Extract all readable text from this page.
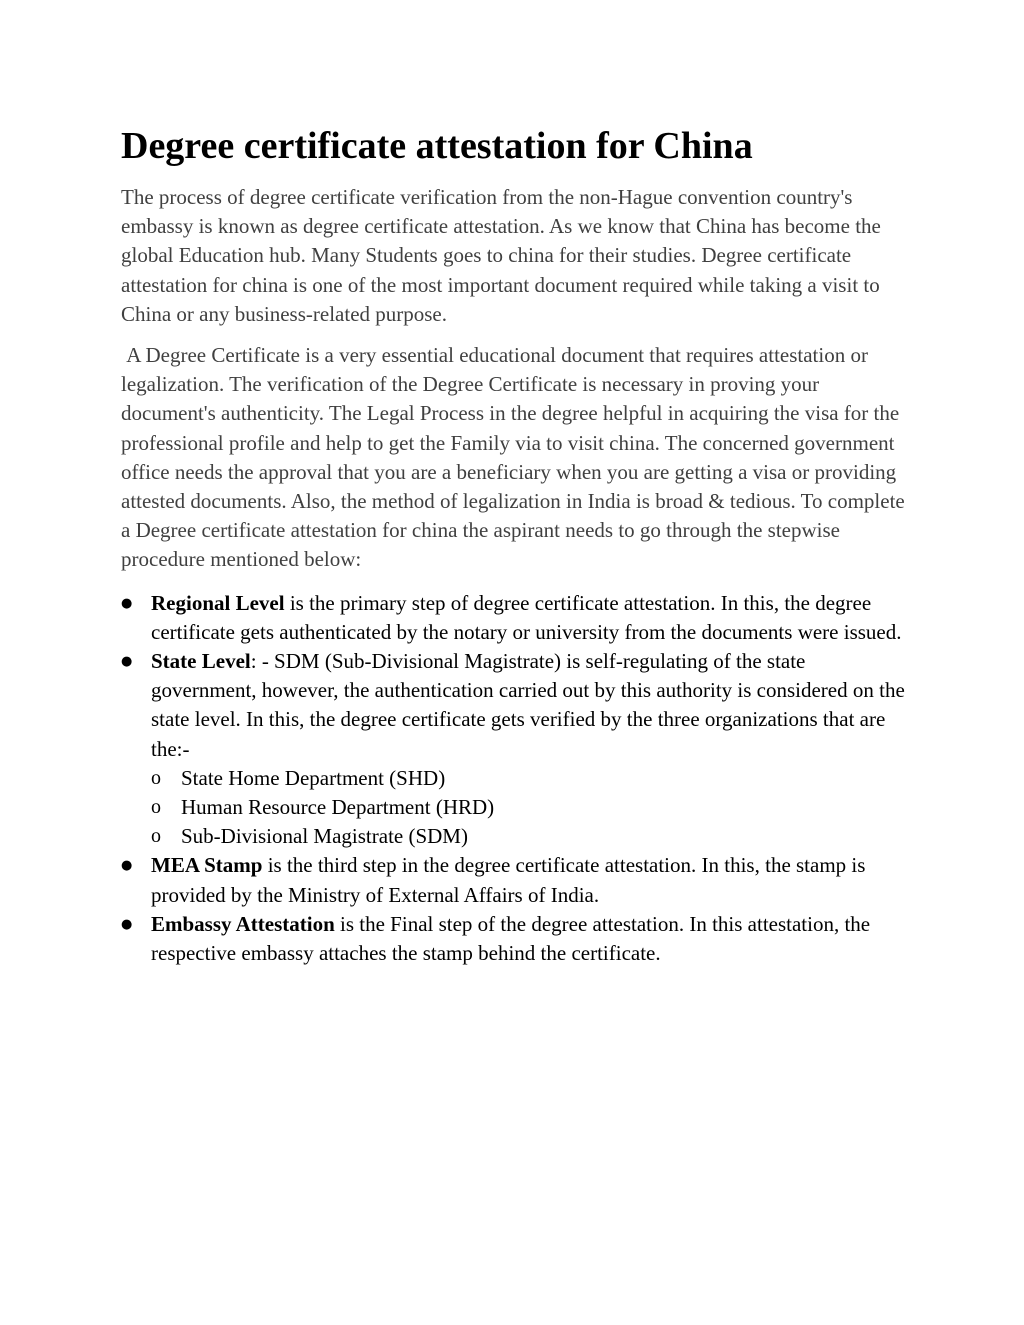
Degree certificate attestation for China

The process of degree certificate verification from the non-Hague convention country's embassy is known as degree certificate attestation. As we know that China has become the global Education hub. Many Students goes to china for their studies. Degree certificate attestation for china is one of the most important document required while taking a visit to China or any business-related purpose.

A Degree Certificate is a very essential educational document that requires attestation or legalization. The verification of the Degree Certificate is necessary in proving your document's authenticity. The Legal Process in the degree helpful in acquiring the visa for the professional profile and help to get the Family via to visit china. The concerned government office needs the approval that you are a beneficiary when you are getting a visa or providing attested documents. Also, the method of legalization in India is broad & tedious. To complete a Degree certificate attestation for china the aspirant needs to go through the stepwise procedure mentioned below:

● Regional Level is the primary step of degree certificate attestation. In this, the degree certificate gets authenticated by the notary or university from the documents were issued.
● State Level: - SDM (Sub-Divisional Magistrate) is self-regulating of the state government, however, the authentication carried out by this authority is considered on the state level. In this, the degree certificate gets verified by the three organizations that are the:-
o State Home Department (SHD)
o Human Resource Department (HRD)
o Sub-Divisional Magistrate (SDM)
● MEA Stamp is the third step in the degree certificate attestation. In this, the stamp is provided by the Ministry of External Affairs of India.
● Embassy Attestation is the Final step of the degree attestation. In this attestation, the respective embassy attaches the stamp behind the certificate.
